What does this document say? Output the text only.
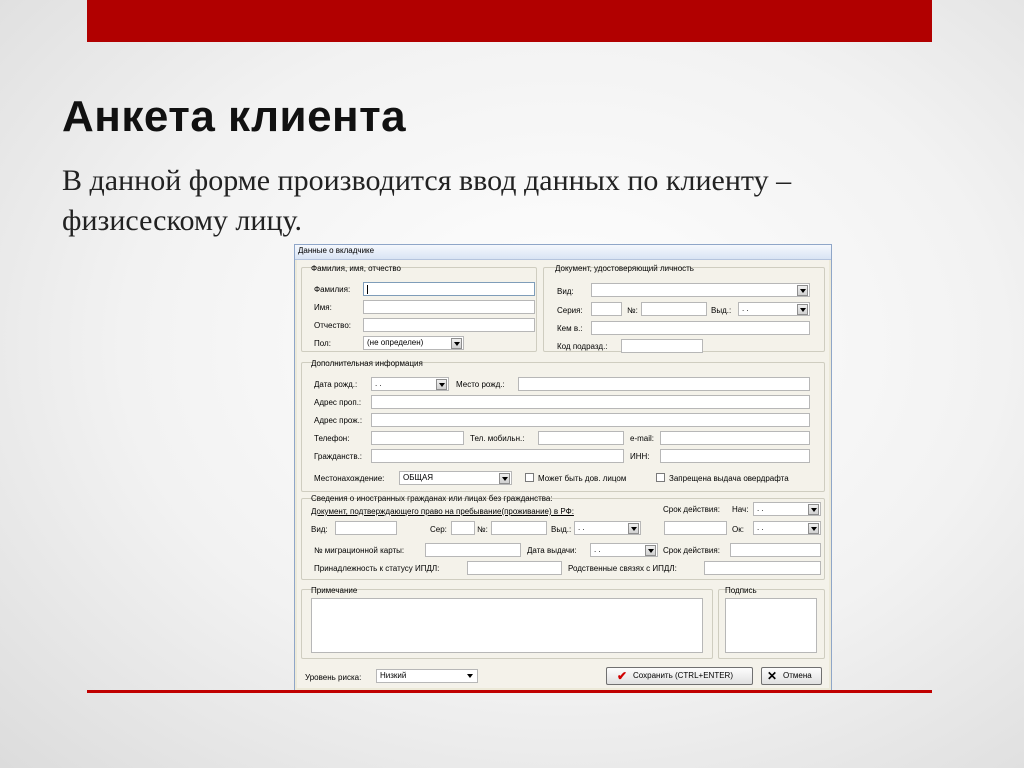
Анкета клиента
В данной форме производится ввод данных по клиенту – физисескому лицу.
Данные о вкладчике
Фамилия, имя, отчество
Фамилия:
Имя:
Отчество:
Пол:	(не определен)
Документ, удостоверяющий личность
Вид:
Серия:	№:	Выд.:	. .
Кем в.:
Код подразд.:
Дополнительная информация
Дата рожд.:	. .	Место рожд.:
Адрес проп.:
Адрес прож.:
Телефон:	Тел. мобильн.:	e-mail:
Гражданств.:	ИНН:
Местонахождение:	ОБЩАЯ	Может быть дов. лицом	Запрещена выдача овердрафта
Сведения о иностранных гражданах или лицах без гражданства:
Документ, подтверждающего право на пребывание(проживание) в РФ:	Срок действия: Нач:	. .
Вид:	Сер:	№:	Выд.: . .	Ок:	. .
№ миграционной карты:	Дата выдачи:	. .	Срок действия:
Принадлежность к статусу ИПДЛ:	Родственные связях с ИПДЛ:
Примечание	Подпись
Уровень риска:	Низкий	✔ Сохранить (CTRL+ENTER)	✕ Отмена
